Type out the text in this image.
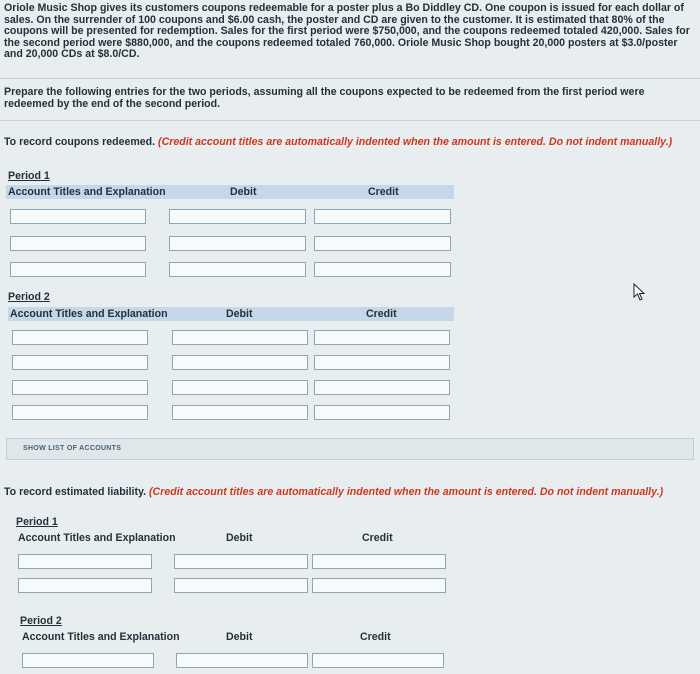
Oriole Music Shop gives its customers coupons redeemable for a poster plus a Bo Diddley CD. One coupon is issued for each dollar of sales. On the surrender of 100 coupons and $6.00 cash, the poster and CD are given to the customer. It is estimated that 80% of the coupons will be presented for redemption. Sales for the first period were $750,000, and the coupons redeemed totaled 420,000. Sales for the second period were $880,000, and the coupons redeemed totaled 760,000. Oriole Music Shop bought 20,000 posters at $3.0/poster and 20,000 CDs at $8.0/CD.
Prepare the following entries for the two periods, assuming all the coupons expected to be redeemed from the first period were redeemed by the end of the second period.
To record coupons redeemed. (Credit account titles are automatically indented when the amount is entered. Do not indent manually.)
Period 1
Account Titles and Explanation	Debit	Credit
Period 2
Account Titles and Explanation	Debit	Credit
SHOW LIST OF ACCOUNTS
To record estimated liability. (Credit account titles are automatically indented when the amount is entered. Do not indent manually.)
Period 1
Account Titles and Explanation	Debit	Credit
Period 2
Account Titles and Explanation	Debit	Credit
